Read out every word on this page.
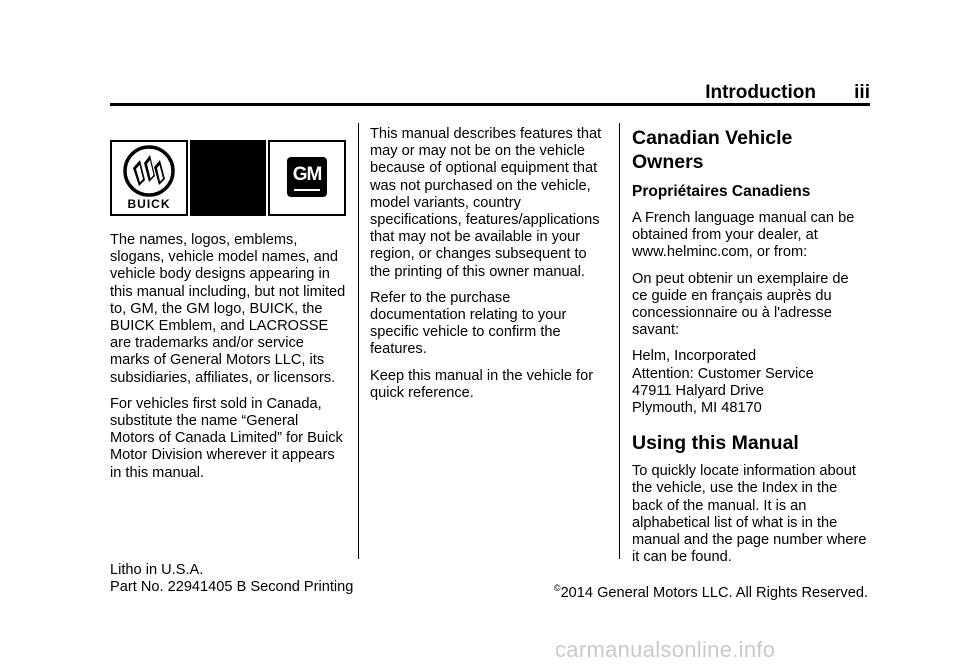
Introduction iii
BUICK
GM

The names, logos, emblems,
slogans, vehicle model names, and
vehicle body designs appearing in
this manual including, but not limited
to, GM, the GM logo, BUICK, the
BUICK Emblem, and LACROSSE
are trademarks and/or service
marks of General Motors LLC, its
subsidiaries, affiliates, or licensors.

For vehicles first sold in Canada,
substitute the name “General
Motors of Canada Limited” for Buick
Motor Division wherever it appears
in this manual.

This manual describes features that
may or may not be on the vehicle
because of optional equipment that
was not purchased on the vehicle,
model variants, country
specifications, features/applications
that may not be available in your
region, or changes subsequent to
the printing of this owner manual.

Refer to the purchase
documentation relating to your
specific vehicle to confirm the
features.

Keep this manual in the vehicle for
quick reference.

Canadian Vehicle Owners
Propriétaires Canadiens

A French language manual can be
obtained from your dealer, at
www.helminc.com, or from:

On peut obtenir un exemplaire de
ce guide en français auprès du
concessionnaire ou à l'adresse
savant:

Helm, Incorporated
Attention: Customer Service
47911 Halyard Drive
Plymouth, MI 48170

Using this Manual

To quickly locate information about
the vehicle, use the Index in the
back of the manual. It is an
alphabetical list of what is in the
manual and the page number where
it can be found.

Litho in U.S.A.
Part No. 22941405 B Second Printing	©2014 General Motors LLC. All Rights Reserved.
carmanualsonline.info
